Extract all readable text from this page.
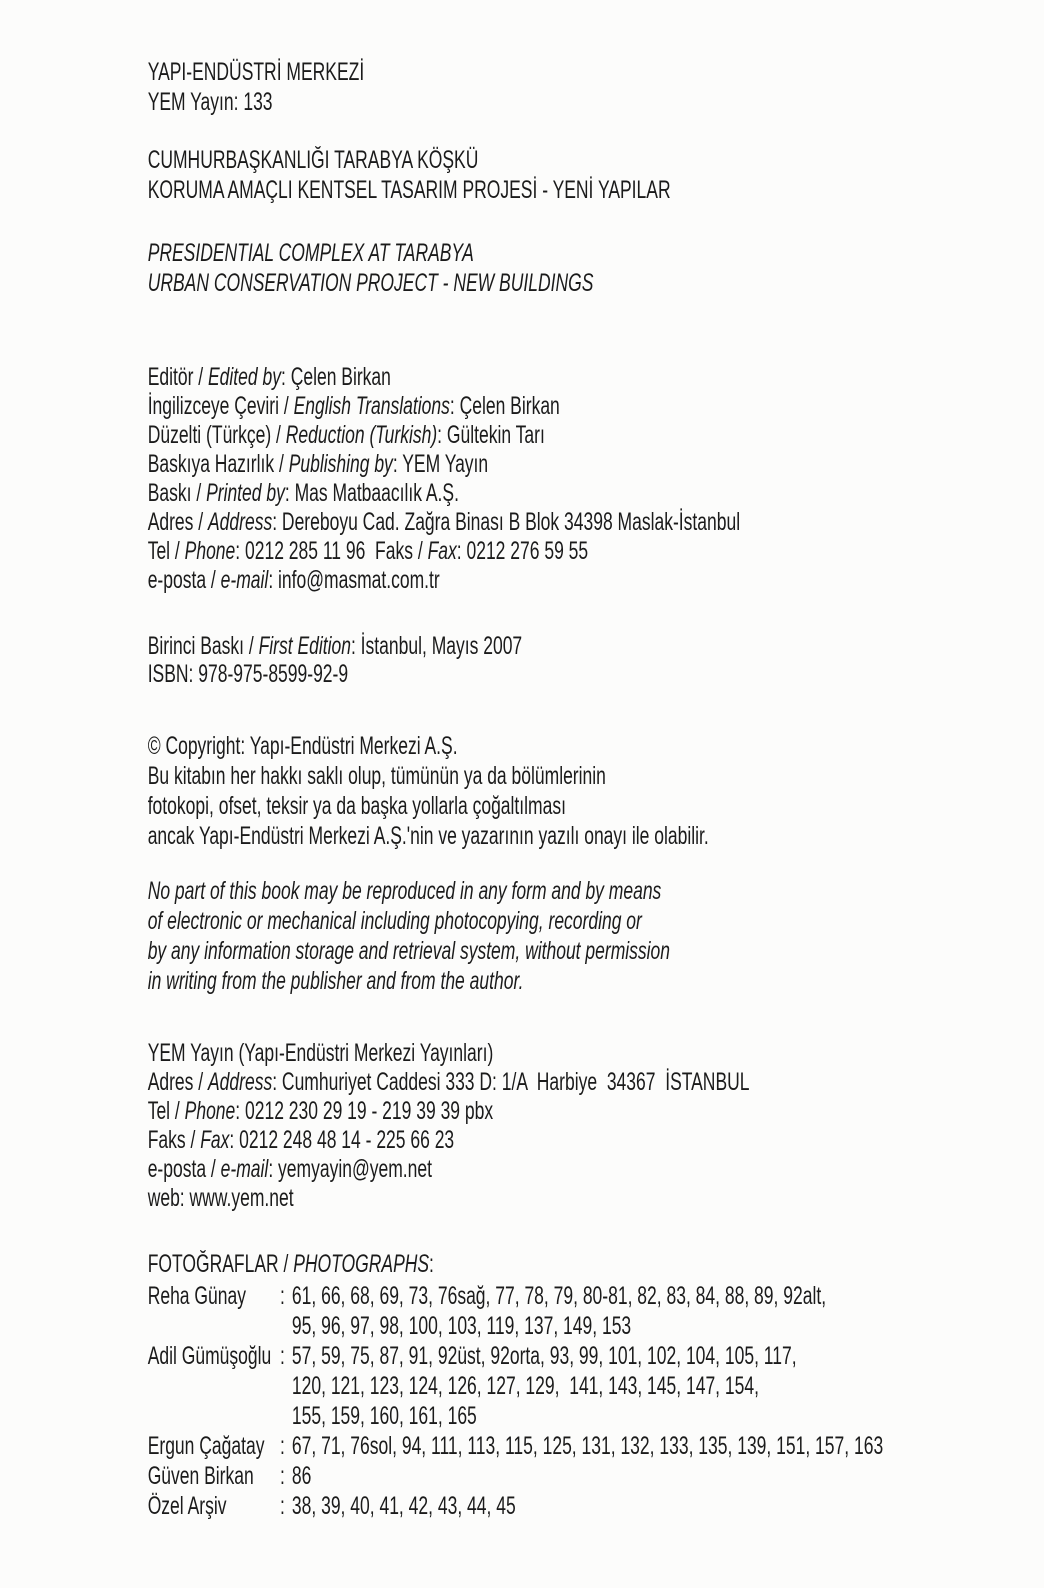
YAPI-ENDÜSTRİ MERKEZİ
YEM Yayın: 133
CUMHURBAŞKANLIĞI TARABYA KÖŞKÜ
KORUMA AMAÇLI KENTSEL TASARIM PROJESİ - YENİ YAPILAR
PRESIDENTIAL COMPLEX AT TARABYA
URBAN CONSERVATION PROJECT - NEW BUILDINGS
Editör / Edited by: Çelen Birkan
İngilizceye Çeviri / English Translations: Çelen Birkan
Düzelti (Türkçe) / Reduction (Turkish): Gültekin Tarı
Baskıya Hazırlık / Publishing by: YEM Yayın
Baskı / Printed by: Mas Matbaacılık A.Ş.
Adres / Address: Dereboyu Cad. Zağra Binası B Blok 34398 Maslak-İstanbul
Tel / Phone: 0212 285 11 96  Faks / Fax: 0212 276 59 55
e-posta / e-mail: info@masmat.com.tr
Birinci Baskı / First Edition: İstanbul, Mayıs 2007
ISBN: 978-975-8599-92-9
© Copyright: Yapı-Endüstri Merkezi A.Ş.
Bu kitabın her hakkı saklı olup, tümünün ya da bölümlerinin
fotokopi, ofset, teksir ya da başka yollarla çoğaltılması
ancak Yapı-Endüstri Merkezi A.Ş.'nin ve yazarının yazılı onayı ile olabilir.
No part of this book may be reproduced in any form and by means
of electronic or mechanical including photocopying, recording or
by any information storage and retrieval system, without permission
in writing from the publisher and from the author.
YEM Yayın (Yapı-Endüstri Merkezi Yayınları)
Adres / Address: Cumhuriyet Caddesi 333 D: 1/A  Harbiye  34367  İSTANBUL
Tel / Phone: 0212 230 29 19 - 219 39 39 pbx
Faks / Fax: 0212 248 48 14 - 225 66 23
e-posta / e-mail: yemyayin@yem.net
web: www.yem.net
FOTOĞRAFLAR / PHOTOGRAPHS:
Reha Günay	: 61, 66, 68, 69, 73, 76sağ, 77, 78, 79, 80-81, 82, 83, 84, 88, 89, 92alt,
95, 96, 97, 98, 100, 103, 119, 137, 149, 153
Adil Gümüşoğlu : 57, 59, 75, 87, 91, 92üst, 92orta, 93, 99, 101, 102, 104, 105, 117,
120, 121, 123, 124, 126, 127, 129,  141, 143, 145, 147, 154,
155, 159, 160, 161, 165
Ergun Çağatay : 67, 71, 76sol, 94, 111, 113, 115, 125, 131, 132, 133, 135, 139, 151, 157, 163
Güven Birkan	: 86
Özel Arşiv	: 38, 39, 40, 41, 42, 43, 44, 45
